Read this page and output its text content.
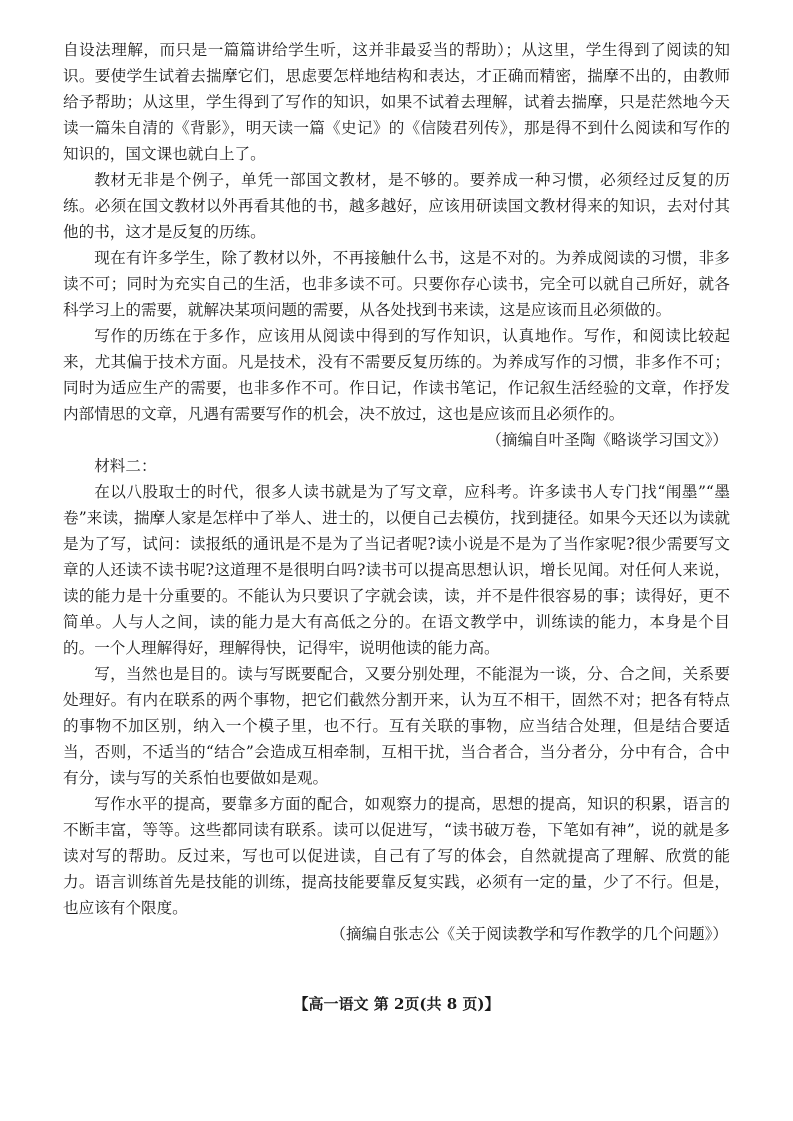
自设法理解，而只是一篇篇讲给学生听，这并非最妥当的帮助）；从这里，学生得到了阅读的知识。要使学生试着去揣摩它们，思虑要怎样地结构和表达，才正确而精密，揣摩不出的，由教师给予帮助；从这里，学生得到了写作的知识，如果不试着去理解，试着去揣摩，只是茫然地今天读一篇朱自清的《背影》，明天读一篇《史记》的《信陵君列传》，那是得不到什么阅读和写作的知识的，国文课也就白上了。

教材无非是个例子，单凭一部国文教材，是不够的。要养成一种习惯，必须经过反复的历练。必须在国文教材以外再看其他的书，越多越好，应该用研读国文教材得来的知识，去对付其他的书，这才是反复的历练。

现在有许多学生，除了教材以外，不再接触什么书，这是不对的。为养成阅读的习惯，非多读不可；同时为充实自己的生活，也非多读不可。只要你存心读书，完全可以就自己所好，就各科学习上的需要，就解决某项问题的需要，从各处找到书来读，这是应该而且必须做的。

写作的历练在于多作，应该用从阅读中得到的写作知识，认真地作。写作，和阅读比较起来，尤其偏于技术方面。凡是技术，没有不需要反复历练的。为养成写作的习惯，非多作不可；同时为适应生产的需要，也非多作不可。作日记，作读书笔记，作记叙生活经验的文章，作抒发内部情思的文章，凡遇有需要写作的机会，决不放过，这也是应该而且必须作的。

（摘编自叶圣陶《略谈学习国文》）

材料二：

在以八股取士的时代，很多人读书就是为了写文章，应科考。许多读书人专门找“闱墨”“墨卷”来读，揣摩人家是怎样中了举人、进士的，以便自己去模仿，找到捷径。如果今天还以为读就是为了写，试问：读报纸的通讯是不是为了当记者呢?读小说是不是为了当作家呢?很少需要写文章的人还读不读书呢?这道理不是很明白吗?读书可以提高思想认识，增长见闻。对任何人来说，读的能力是十分重要的。不能认为只要识了字就会读，读，并不是件很容易的事；读得好，更不简单。人与人之间，读的能力是大有高低之分的。在语文教学中，训练读的能力，本身是个目的。一个人理解得好，理解得快，记得牢，说明他读的能力高。

写，当然也是目的。读与写既要配合，又要分别处理，不能混为一谈，分、合之间，关系要处理好。有内在联系的两个事物，把它们截然分割开来，认为互不相干，固然不对；把各有特点的事物不加区别，纳入一个模子里，也不行。互有关联的事物，应当结合处理，但是结合要适当，否则，不适当的“结合”会造成互相牵制，互相干扰，当合者合，当分者分，分中有合，合中有分，读与写的关系怕也要做如是观。

写作水平的提高，要靠多方面的配合，如观察力的提高，思想的提高，知识的积累，语言的不断丰富，等等。这些都同读有联系。读可以促进写，“读书破万卷，下笔如有神”，说的就是多读对写的帮助。反过来，写也可以促进读，自己有了写的体会，自然就提高了理解、欣赏的能力。语言训练首先是技能的训练，提高技能要靠反复实践，必须有一定的量，少了不行。但是，也应该有个限度。

（摘编自张志公《关于阅读教学和写作教学的几个问题》）

【高一语文 第 2页(共 8 页)】
